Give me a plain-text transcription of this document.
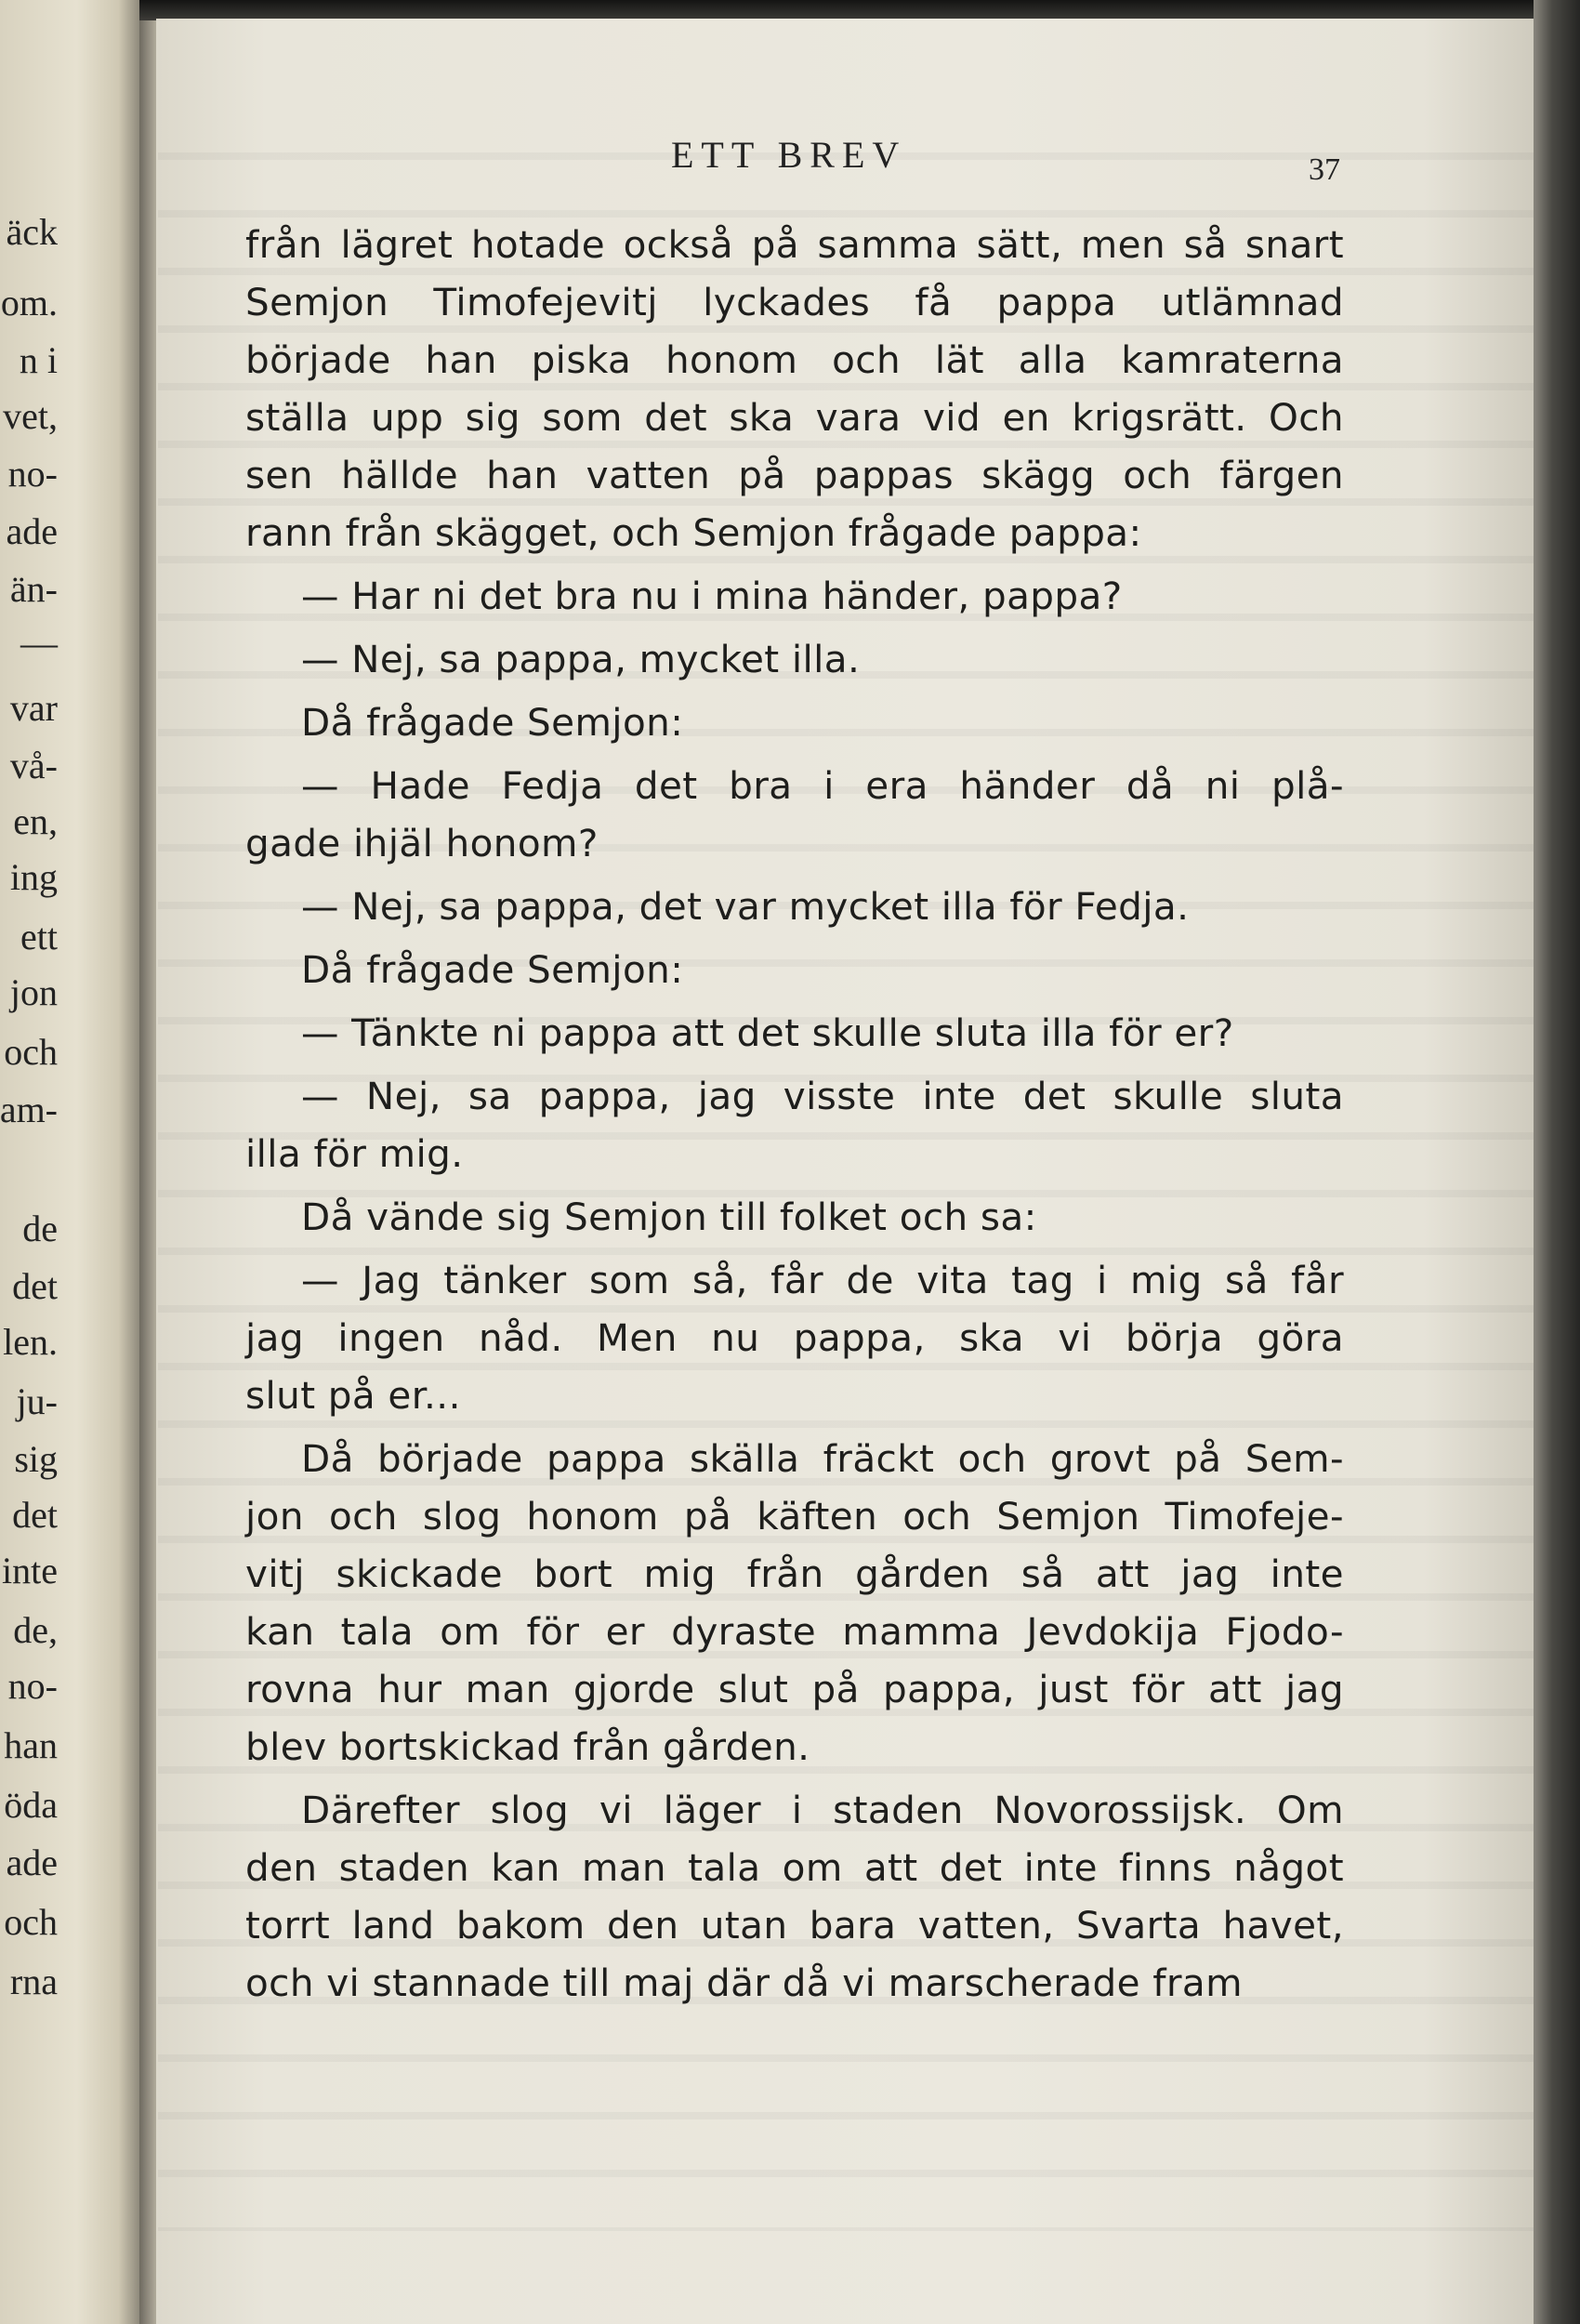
äck
om.
n i
vet,
no-
ade
än-
—
var
vå-
en,
ing
ett
jon
och
am-
de
det
len.
ju-
sig
det
inte
de,
no-
han
öda
ade
och
rna
ETT BREV	37
från lägret hotade också på samma sätt, men så snart
Semjon Timofejevitj lyckades få pappa utlämnad
började han piska honom och lät alla kamraterna
ställa upp sig som det ska vara vid en krigsrätt. Och
sen hällde han vatten på pappas skägg och färgen
rann från skägget, och Semjon frågade pappa:
— Har ni det bra nu i mina händer, pappa?
— Nej, sa pappa, mycket illa.
Då frågade Semjon:
— Hade Fedja det bra i era händer då ni plå-
gade ihjäl honom?
— Nej, sa pappa, det var mycket illa för Fedja.
Då frågade Semjon:
— Tänkte ni pappa att det skulle sluta illa för er?
— Nej, sa pappa, jag visste inte det skulle sluta
illa för mig.
Då vände sig Semjon till folket och sa:
— Jag tänker som så, får de vita tag i mig så får
jag ingen nåd. Men nu pappa, ska vi börja göra
slut på er...
Då började pappa skälla fräckt och grovt på Sem-
jon och slog honom på käften och Semjon Timofeje-
vitj skickade bort mig från gården så att jag inte
kan tala om för er dyraste mamma Jevdokija Fjodo-
rovna hur man gjorde slut på pappa, just för att jag
blev bortskickad från gården.
Därefter slog vi läger i staden Novorossijsk. Om
den staden kan man tala om att det inte finns något
torrt land bakom den utan bara vatten, Svarta havet,
och vi stannade till maj där då vi marscherade fram
